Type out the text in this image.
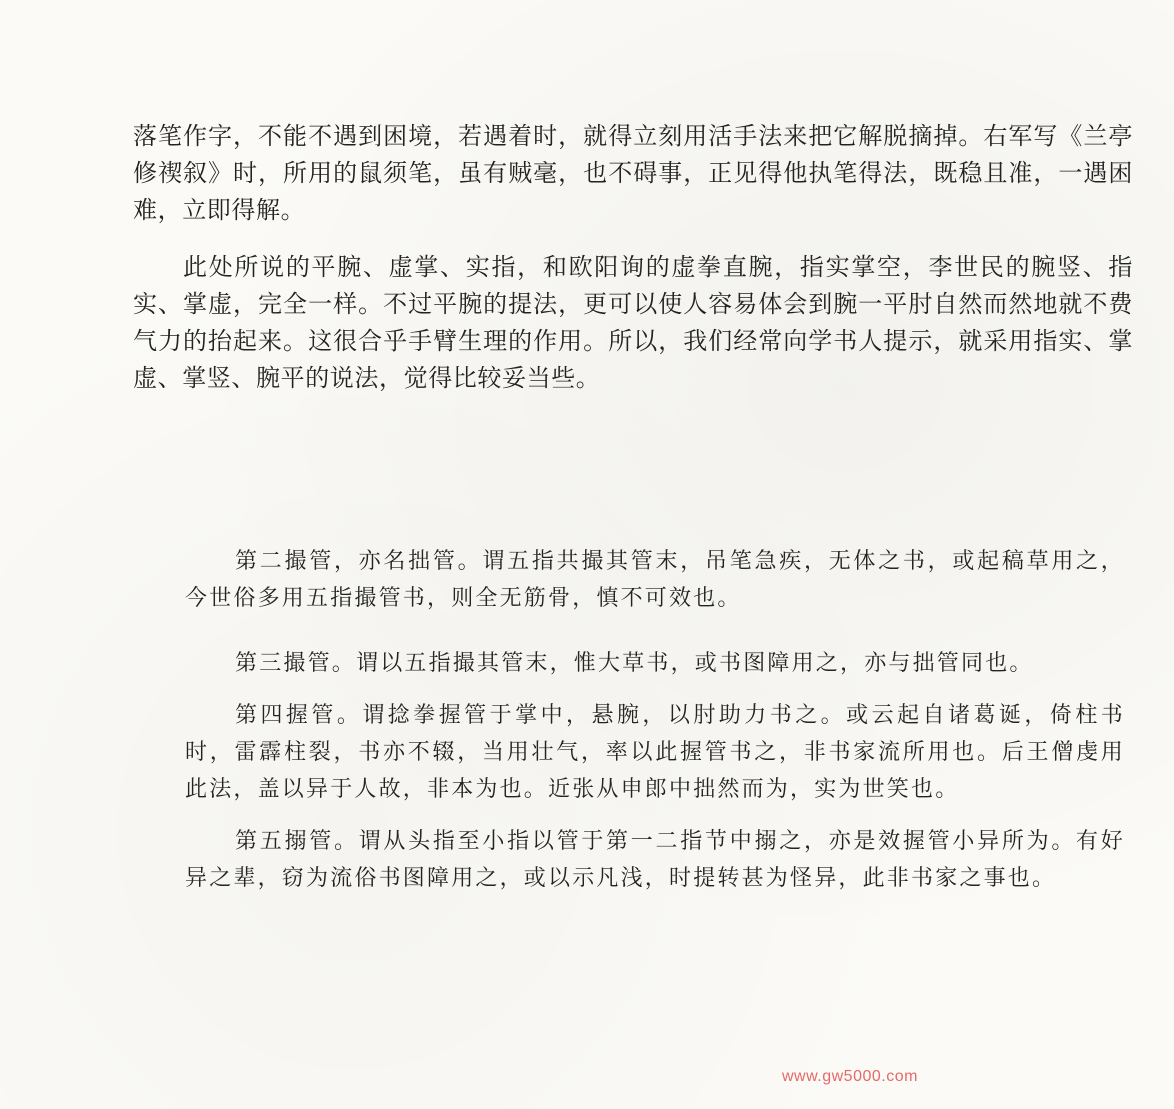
落笔作字，不能不遇到困境，若遇着时，就得立刻用活手法来把它解脱摘掉。右军写《兰亭修禊叙》时，所用的鼠须笔，虽有贼毫，也不碍事，正见得他执笔得法，既稳且准，一遇困难，立即得解。

此处所说的平腕、虚掌、实指，和欧阳询的虚拳直腕，指实掌空，李世民的腕竖、指实、掌虚，完全一样。不过平腕的提法，更可以使人容易体会到腕一平肘自然而然地就不费气力的抬起来。这很合乎手臂生理的作用。所以，我们经常向学书人提示，就采用指实、掌虚、掌竖、腕平的说法，觉得比较妥当些。

第二撮管，亦名拙管。谓五指共撮其管末，吊笔急疾，无体之书，或起稿草用之，今世俗多用五指撮管书，则全无筋骨，慎不可效也。

第三撮管。谓以五指撮其管末，惟大草书，或书图障用之，亦与拙管同也。

第四握管。谓捻拳握管于掌中，悬腕，以肘助力书之。或云起自诸葛诞，倚柱书时，雷霹柱裂，书亦不辍，当用壮气，率以此握管书之，非书家流所用也。后王僧虔用此法，盖以异于人故，非本为也。近张从申郎中拙然而为，实为世笑也。

第五搦管。谓从头指至小指以管于第一二指节中搦之，亦是效握管小异所为。有好异之辈，窃为流俗书图障用之，或以示凡浅，时提转甚为怪异，此非书家之事也。

www.gw5000.com
